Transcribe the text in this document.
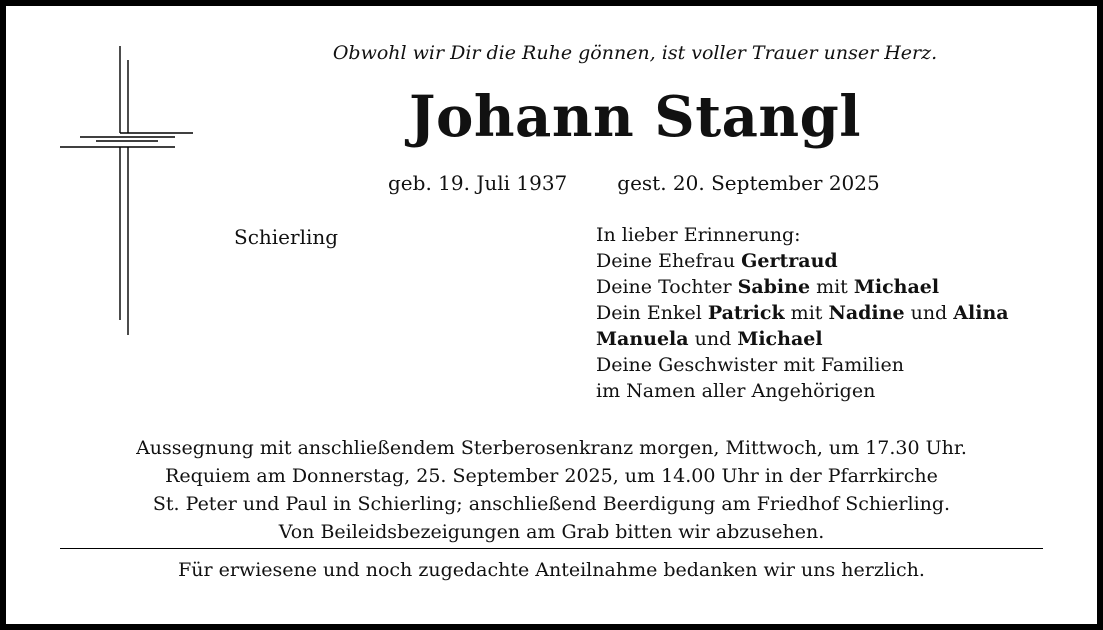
Obwohl wir Dir die Ruhe gönnen, ist voller Trauer unser Herz.
Johann Stangl
geb. 19. Juli 1937	gest. 20. September 2025
Schierling	In lieber Erinnerung:
Deine Ehefrau Gertraud
Deine Tochter Sabine mit Michael
Dein Enkel Patrick mit Nadine und Alina
Manuela und Michael
Deine Geschwister mit Familien
im Namen aller Angehörigen
Aussegnung mit anschließendem Sterberosenkranz morgen, Mittwoch, um 17.30 Uhr.
Requiem am Donnerstag, 25. September 2025, um 14.00 Uhr in der Pfarrkirche
St. Peter und Paul in Schierling; anschließend Beerdigung am Friedhof Schierling.
Von Beileidsbezeigungen am Grab bitten wir abzusehen.
Für erwiesene und noch zugedachte Anteilnahme bedanken wir uns herzlich.
